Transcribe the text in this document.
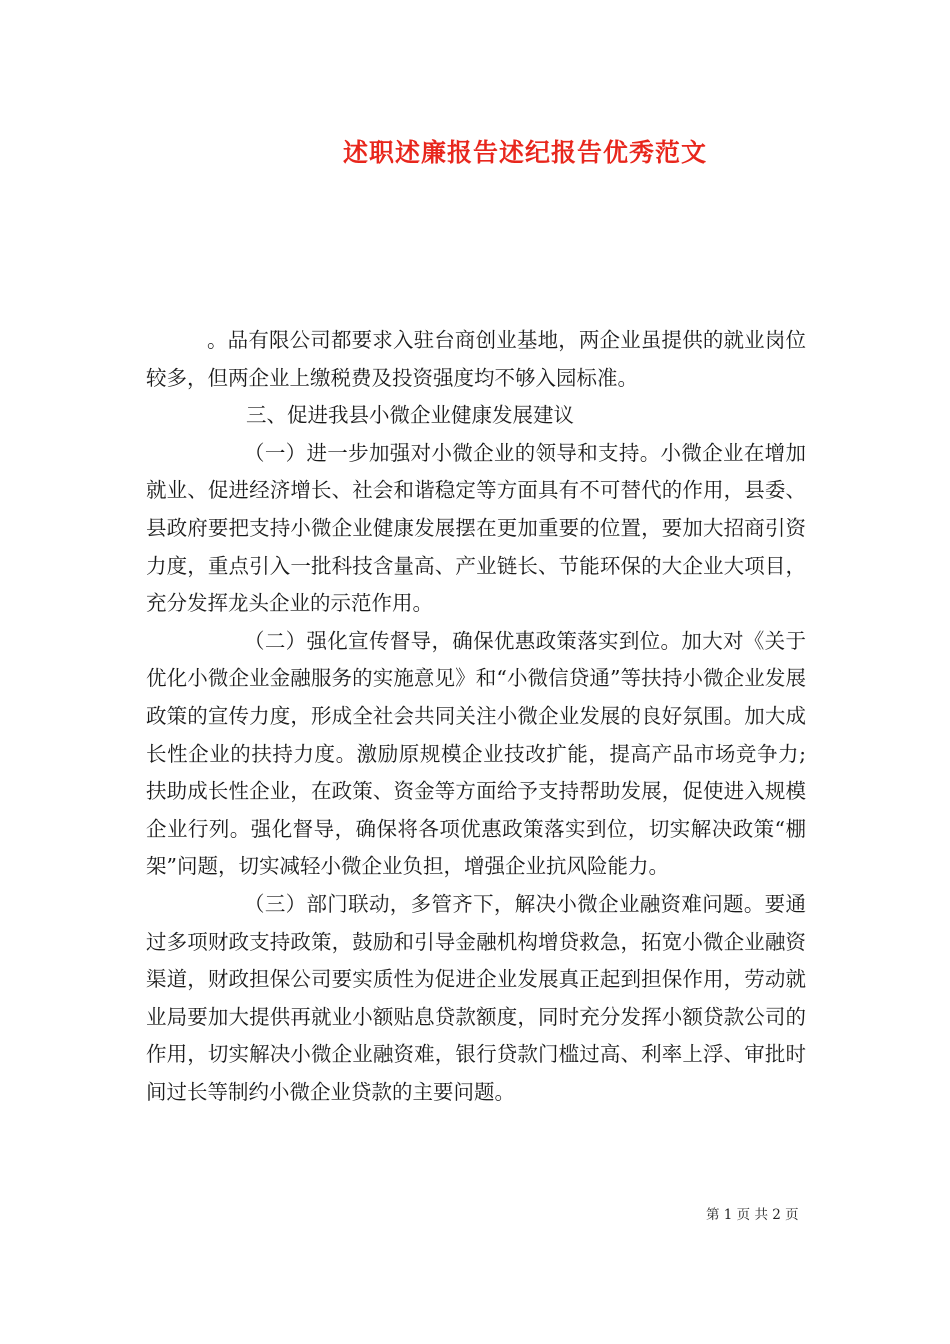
述职述廉报告述纪报告优秀范文

。品有限公司都要求入驻台商创业基地，两企业虽提供的就业岗位较多，但两企业上缴税费及投资强度均不够入园标准。

三、促进我县小微企业健康发展建议

（一）进一步加强对小微企业的领导和支持。小微企业在增加就业、促进经济增长、社会和谐稳定等方面具有不可替代的作用，县委、县政府要把支持小微企业健康发展摆在更加重要的位置，要加大招商引资力度，重点引入一批科技含量高、产业链长、节能环保的大企业大项目，充分发挥龙头企业的示范作用。

（二）强化宣传督导，确保优惠政策落实到位。加大对《关于优化小微企业金融服务的实施意见》和“小微信贷通”等扶持小微企业发展政策的宣传力度，形成全社会共同关注小微企业发展的良好氛围。加大成长性企业的扶持力度。激励原规模企业技改扩能，提高产品市场竞争力;扶助成长性企业，在政策、资金等方面给予支持帮助发展，促使进入规模企业行列。强化督导，确保将各项优惠政策落实到位，切实解决政策“棚架”问题，切实减轻小微企业负担，增强企业抗风险能力。

（三）部门联动，多管齐下，解决小微企业融资难问题。要通过多项财政支持政策，鼓励和引导金融机构增贷救急，拓宽小微企业融资渠道，财政担保公司要实质性为促进企业发展真正起到担保作用，劳动就业局要加大提供再就业小额贴息贷款额度，同时充分发挥小额贷款公司的作用，切实解决小微企业融资难，银行贷款门槛过高、利率上浮、审批时间过长等制约小微企业贷款的主要问题。

第 1 页 共 2 页
